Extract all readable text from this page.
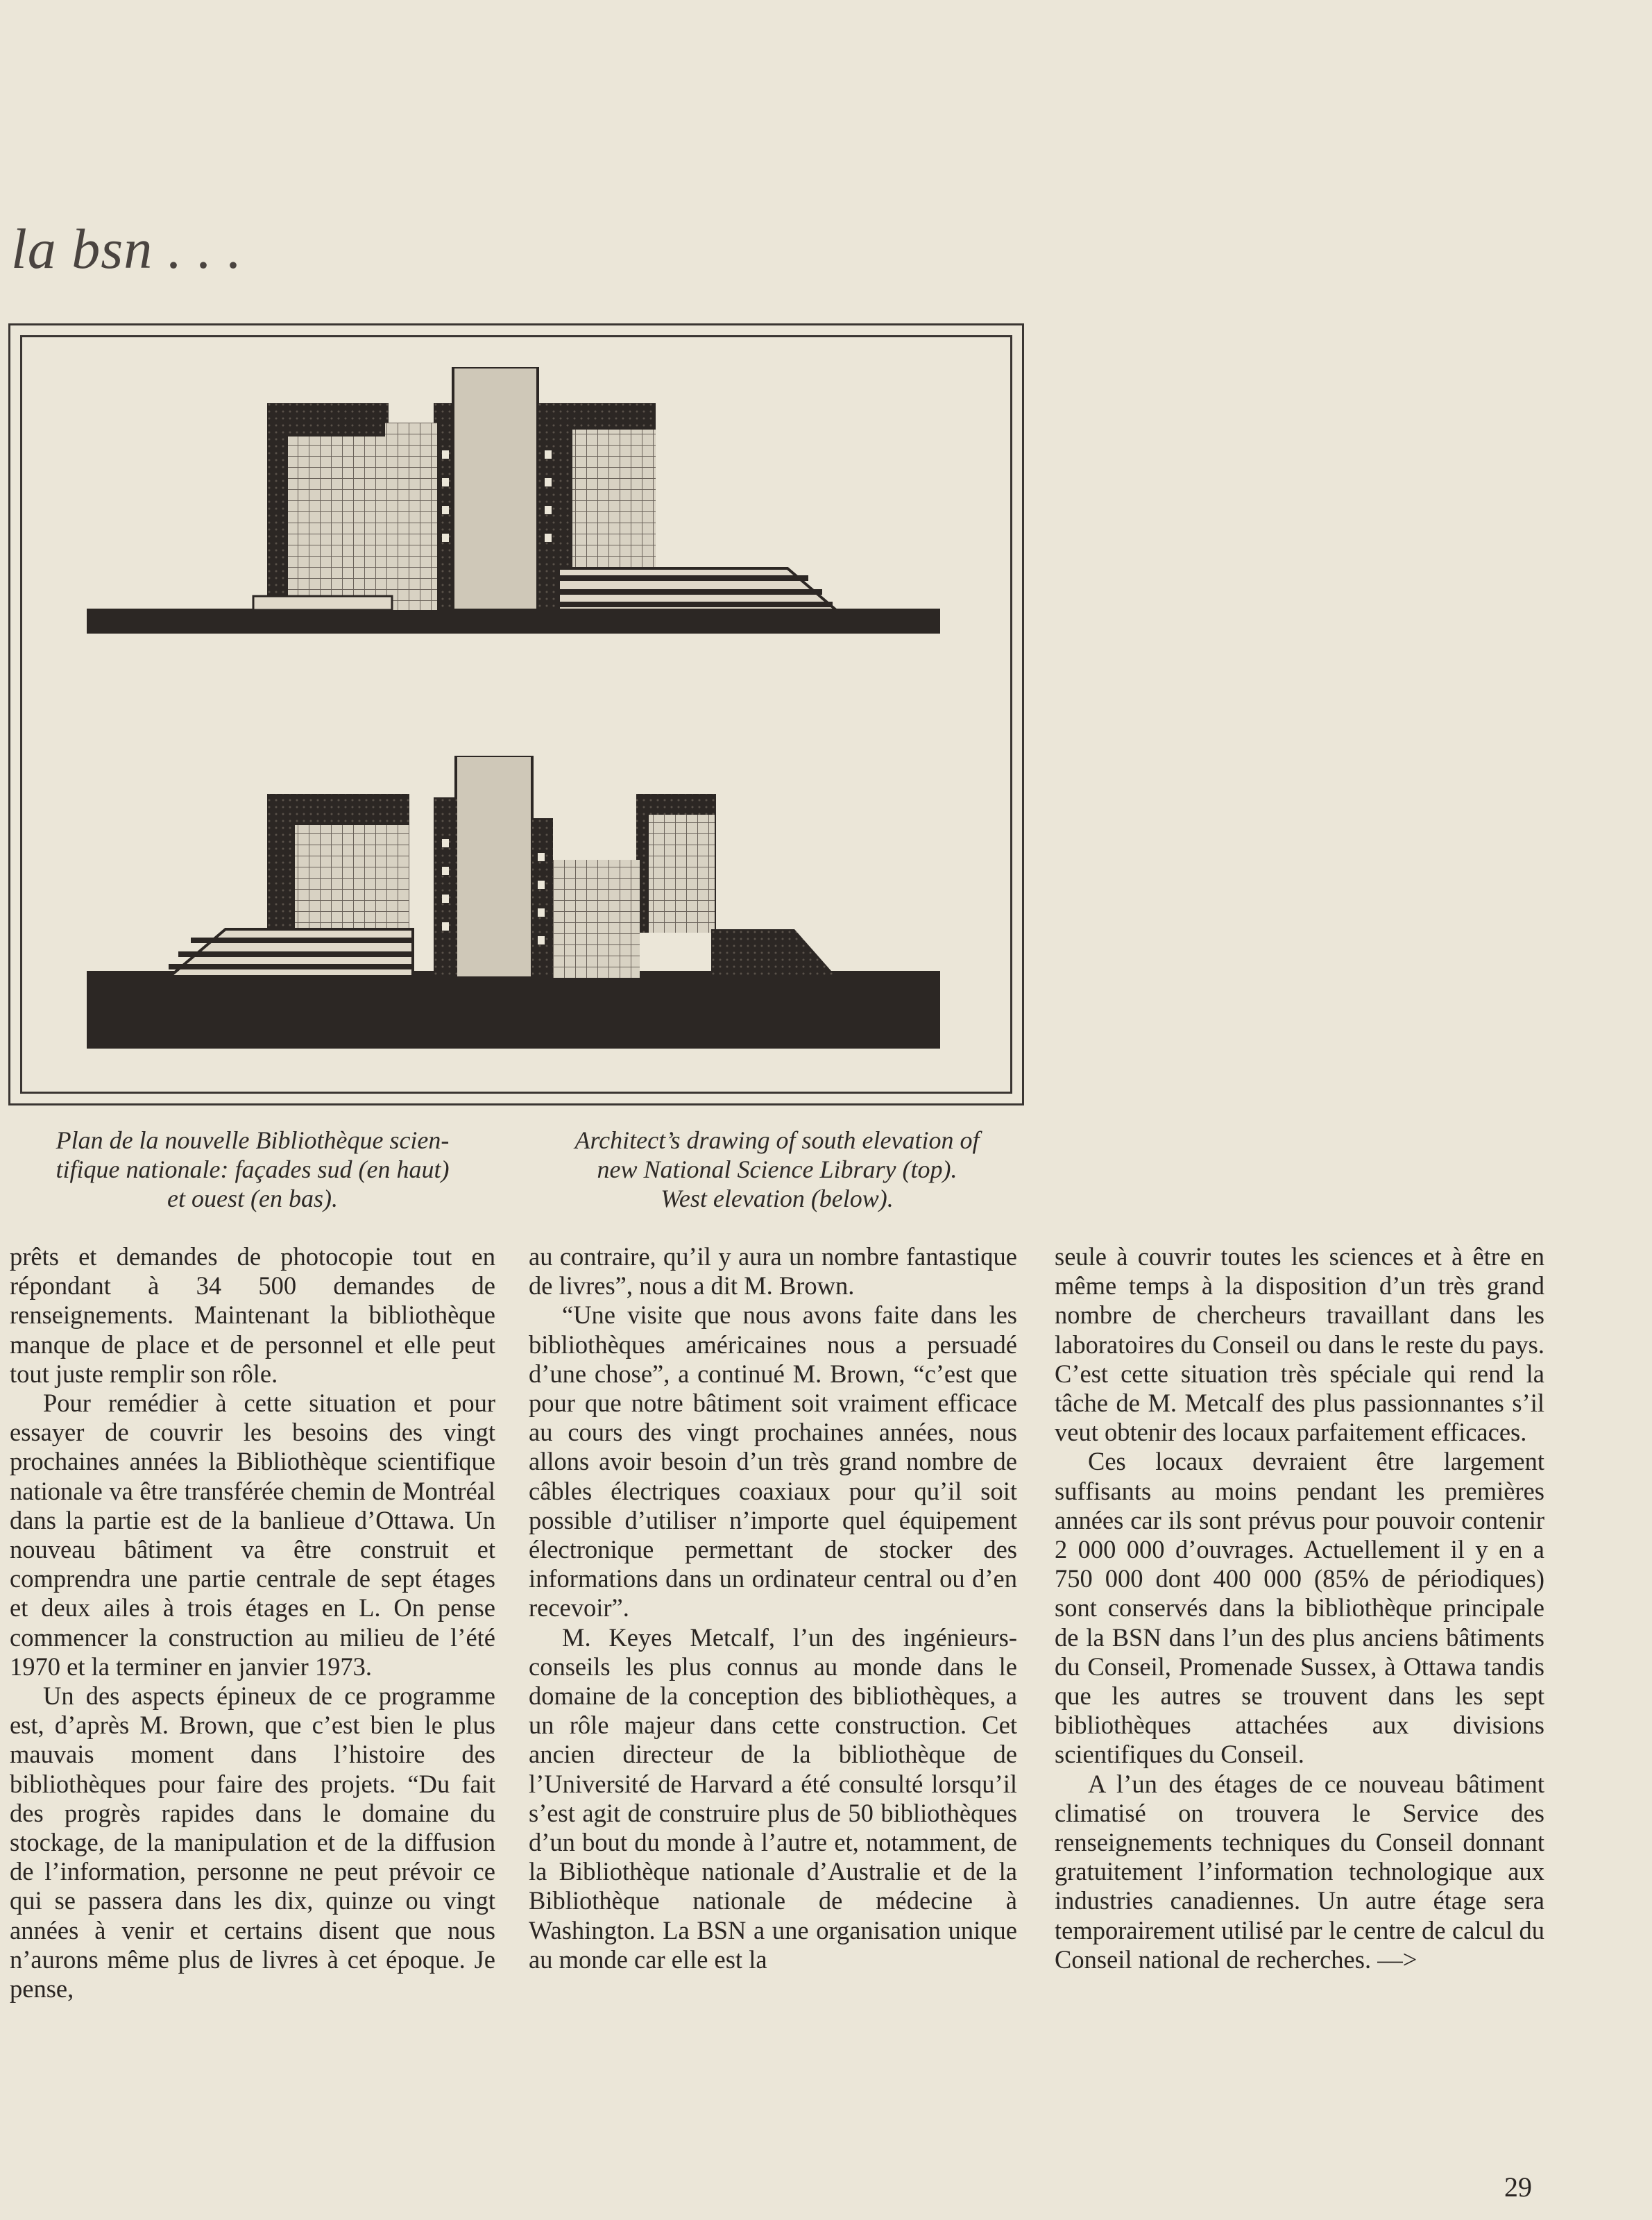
la bsn . . .
Plan de la nouvelle Bibliothèque scien-
tifique nationale: façades sud (en haut)
et ouest (en bas).
Architect’s drawing of south elevation of
new National Science Library (top).
West elevation (below).

prêts et demandes de photocopie tout en répondant à 34 500 demandes de renseignements. Maintenant la bibliothèque manque de place et de personnel et elle peut tout juste remplir son rôle.

Pour remédier à cette situation et pour essayer de couvrir les besoins des vingt prochaines années la Bibliothèque scientifique nationale va être transférée chemin de Montréal dans la partie est de la banlieue d’Ottawa. Un nouveau bâtiment va être construit et comprendra une partie centrale de sept étages et deux ailes à trois étages en L. On pense commencer la construction au milieu de l’été 1970 et la terminer en janvier 1973.

Un des aspects épineux de ce programme est, d’après M. Brown, que c’est bien le plus mauvais moment dans l’histoire des bibliothèques pour faire des projets. “Du fait des progrès rapides dans le domaine du stockage, de la manipulation et de la diffusion de l’information, personne ne peut prévoir ce qui se passera dans les dix, quinze ou vingt années à venir et certains disent que nous n’aurons même plus de livres à cet époque. Je pense,

au contraire, qu’il y aura un nombre fantastique de livres”, nous a dit M. Brown.

“Une visite que nous avons faite dans les bibliothèques américaines nous a persuadé d’une chose”, a continué M. Brown, “c’est que pour que notre bâtiment soit vraiment efficace au cours des vingt prochaines années, nous allons avoir besoin d’un très grand nombre de câbles électriques coaxiaux pour qu’il soit possible d’utiliser n’importe quel équipement électronique permettant de stocker des informations dans un ordinateur central ou d’en recevoir”.

M. Keyes Metcalf, l’un des ingénieurs-conseils les plus connus au monde dans le domaine de la conception des bibliothèques, a un rôle majeur dans cette construction. Cet ancien directeur de la bibliothèque de l’Université de Harvard a été consulté lorsqu’il s’est agit de construire plus de 50 bibliothèques d’un bout du monde à l’autre et, notamment, de la Bibliothèque nationale d’Australie et de la Bibliothèque nationale de médecine à Washington. La BSN a une organisation unique au monde car elle est la

seule à couvrir toutes les sciences et à être en même temps à la disposition d’un très grand nombre de chercheurs travaillant dans les laboratoires du Conseil ou dans le reste du pays. C’est cette situation très spéciale qui rend la tâche de M. Metcalf des plus passionnantes s’il veut obtenir des locaux parfaitement efficaces.

Ces locaux devraient être largement suffisants au moins pendant les premières années car ils sont prévus pour pouvoir contenir 2 000 000 d’ouvrages. Actuellement il y en a 750 000 dont 400 000 (85% de périodiques) sont conservés dans la bibliothèque principale de la BSN dans l’un des plus anciens bâtiments du Conseil, Promenade Sussex, à Ottawa tandis que les autres se trouvent dans les sept bibliothèques attachées aux divisions scientifiques du Conseil.

A l’un des étages de ce nouveau bâtiment climatisé on trouvera le Service des renseignements techniques du Conseil donnant gratuitement l’information technologique aux industries canadiennes. Un autre étage sera temporairement utilisé par le centre de calcul du Conseil national de recherches. —>

29
